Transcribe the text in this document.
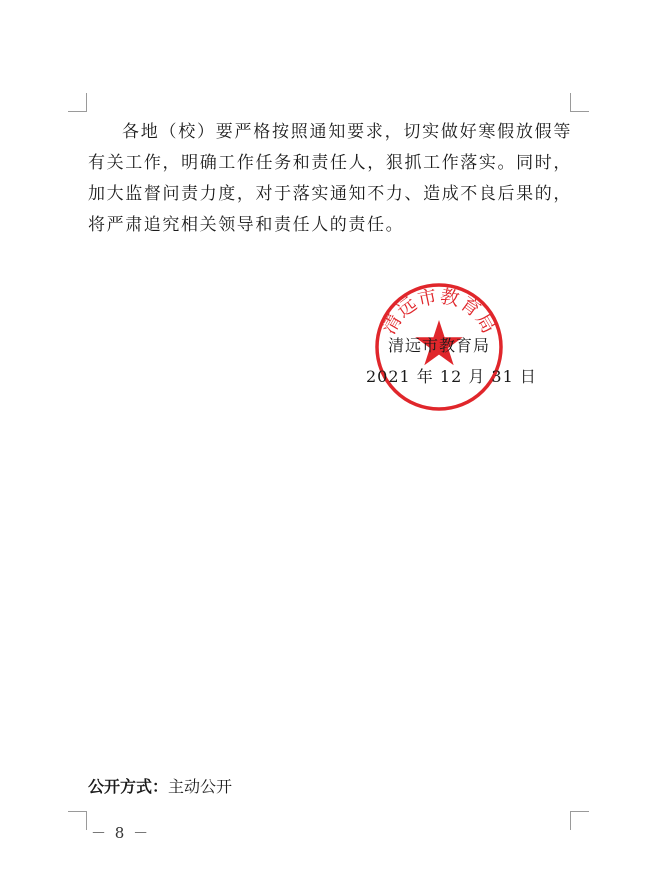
各地（校）要严格按照通知要求，切实做好寒假放假等有关工作，明确工作任务和责任人，狠抓工作落实。同时，加大监督问责力度，对于落实通知不力、造成不良后果的，将严肃追究相关领导和责任人的责任。

清远市教育局
清远市教育局
2021 年 12 月 31 日
公开方式：主动公开
－ 8 －
